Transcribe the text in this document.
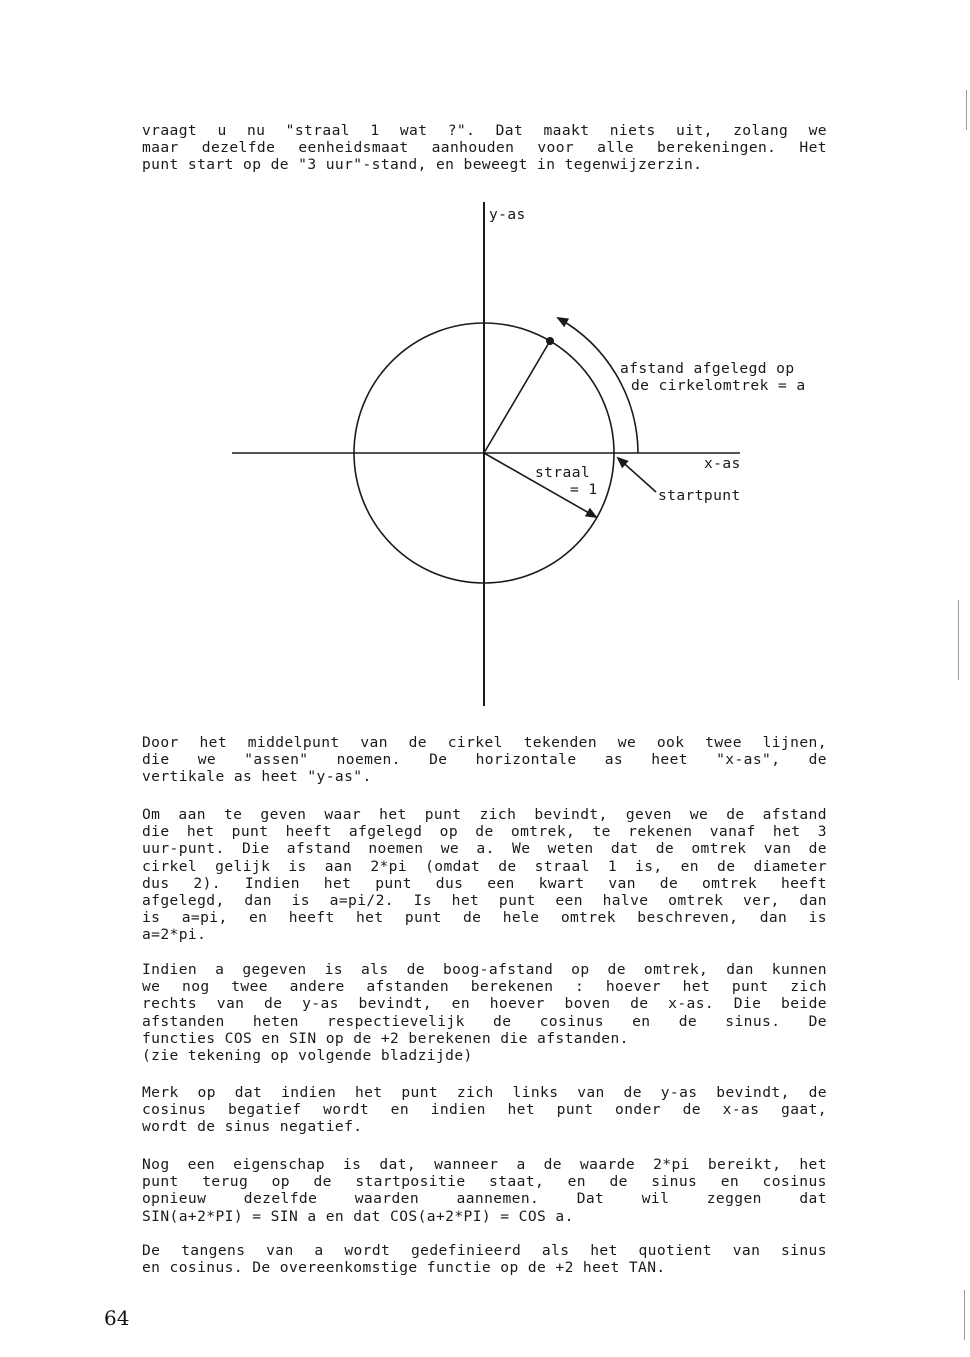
vraagt u nu "straal 1 wat ?". Dat maakt niets uit, zolang we
maar dezelfde eenheidsmaat aanhouden voor alle berekeningen. Het
punt start op de "3 uur"-stand, en beweegt in tegenwijzerzin.
y-as
x-as
afstand afgelegd op
de cirkelomtrek = a
straal
= 1	startpunt
Door het middelpunt van de cirkel tekenden we ook twee lijnen,
die we "assen" noemen. De horizontale as heet "x-as", de
vertikale as heet "y-as".
Om aan te geven waar het punt zich bevindt, geven we de afstand
die het punt heeft afgelegd op de omtrek, te rekenen vanaf het 3
uur-punt. Die afstand noemen we a. We weten dat de omtrek van de
cirkel gelijk is aan 2*pi (omdat de straal 1 is, en de diameter
dus 2). Indien het punt dus een kwart van de omtrek heeft
afgelegd, dan is a=pi/2. Is het punt een halve omtrek ver, dan
is a=pi, en heeft het punt de hele omtrek beschreven, dan is
a=2*pi.
Indien a gegeven is als de boog-afstand op de omtrek, dan kunnen
we nog twee andere afstanden berekenen : hoever het punt zich
rechts van de y-as bevindt, en hoever boven de x-as. Die beide
afstanden heten respectievelijk de cosinus en de sinus. De
functies COS en SIN op de +2 berekenen die afstanden.
(zie tekening op volgende bladzijde)
Merk op dat indien het punt zich links van de y-as bevindt, de
cosinus begatief wordt en indien het punt onder de x-as gaat,
wordt de sinus negatief.
Nog een eigenschap is dat, wanneer a de waarde 2*pi bereikt, het
punt terug op de startpositie staat, en de sinus en cosinus
opnieuw	dezelfde	waarden	aannemen.	Dat	wil	zeggen	dat
SIN(a+2*PI) = SIN a en dat COS(a+2*PI) = COS a.
De tangens van a wordt gedefinieerd als het quotient van sinus
en cosinus. De overeenkomstige functie op de +2 heet TAN.
64
